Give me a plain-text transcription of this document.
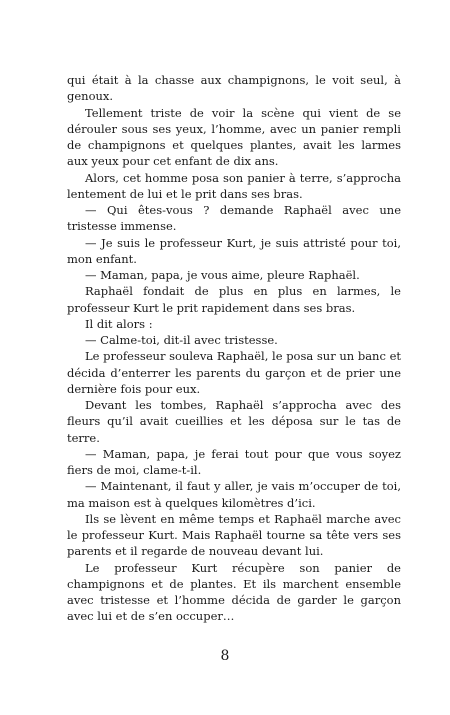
qui était à la chasse aux champignons, le voit seul, à genoux.

Tellement triste de voir la scène qui vient de se dérouler sous ses yeux, l’homme, avec un panier rempli de champignons et quelques plantes, avait les larmes aux yeux pour cet enfant de dix ans.

Alors, cet homme posa son panier à terre, s’approcha lentement de lui et le prit dans ses bras.

— Qui êtes-vous ? demande Raphaël avec une tristesse immense.

— Je suis le professeur Kurt, je suis attristé pour toi, mon enfant.

— Maman, papa, je vous aime, pleure Raphaël.

Raphaël fondait de plus en plus en larmes, le professeur Kurt le prit rapidement dans ses bras.

Il dit alors :

— Calme-toi, dit-il avec tristesse.

Le professeur souleva Raphaël, le posa sur un banc et décida d’enterrer les parents du garçon et de prier une dernière fois pour eux.

Devant les tombes, Raphaël s’approcha avec des fleurs qu’il avait cueillies et les déposa sur le tas de terre.

— Maman, papa, je ferai tout pour que vous soyez fiers de moi, clame-t-il.

— Maintenant, il faut y aller, je vais m’occuper de toi, ma maison est à quelques kilomètres d’ici.

Ils se lèvent en même temps et Raphaël marche avec le professeur Kurt. Mais Raphaël tourne sa tête vers ses parents et il regarde de nouveau devant lui.

Le professeur Kurt récupère son panier de champignons et de plantes. Et ils marchent ensemble avec tristesse et l’homme décida de garder le garçon avec lui et de s’en occuper…

8
